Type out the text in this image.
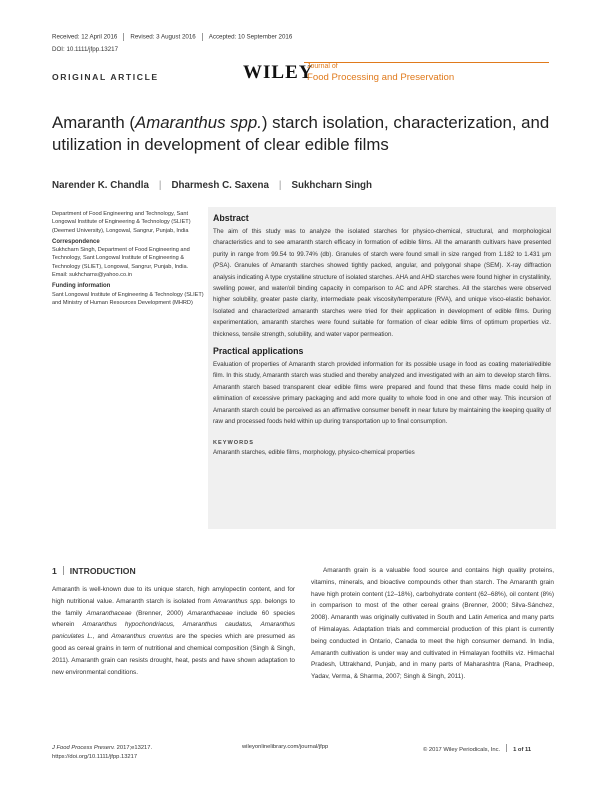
Received: 12 April 2016 Revised: 3 August 2016 Accepted: 10 September 2016
DOI: 10.1111/jfpp.13217
ORIGINAL ARTICLE	WILEY
Journal of
Food Processing and Preservation
Amaranth (Amaranthus spp.) starch isolation, characterization, and utilization in development of clear edible films
Narender K. Chandla | Dharmesh C. Saxena | Sukhcharn Singh

Department of Food Engineering and Technology, Sant Longowal Institute of Engineering & Technology (SLIET) (Deemed University), Longowal, Sangrur, Punjab, India

Correspondence

Sukhcharn Singh, Department of Food Engineering and Technology, Sant Longowal Institute of Engineering & Technology (SLIET), Longowal, Sangrur, Punjab, India.

Email: sukhcharns@yahoo.co.in

Funding information

Sant Longowal Institute of Engineering & Technology (SLIET) and Ministry of Human Resources Development (MHRD)

Abstract

The aim of this study was to analyze the isolated starches for physico-chemical, structural, and morphological characteristics and to see amaranth starch efficacy in formation of edible films. All the amaranth cultivars have presented purity in range from 99.54 to 99.74% (db). Granules of starch were found small in size ranged from 1.182 to 1.431 μm (PSA). Granules of Amaranth starches showed tightly packed, angular, and polygonal shape (SEM). X-ray diffraction analysis indicating A type crystalline structure of isolated starches. AHA and AHD starches were found higher in crystallinity, swelling power, and water/oil binding capacity in comparison to AC and APR starches. All the starches were observed higher solubility, greater paste clarity, intermediate peak viscosity/temperature (RVA), and unique visco-elastic behavior. Isolated and characterized amaranth starches were tried for their application in development of edible films. During experimentation, amaranth starches were found suitable for formation of clear edible films of optimum properties viz. thickness, tensile strength, solubility, and water vapor permeation.

Practical applications

Evaluation of properties of Amaranth starch provided information for its possible usage in food as coating material/edible film. In this study, Amaranth starch was studied and thereby analyzed and investigated with an aim to develop starch films. Amaranth starch based transparent clear edible films were prepared and found that these films made could help in elimination of excessive primary packaging and add more quality to whole food in one and other way. This incursion of Amaranth starch could be perceived as an affirmative consumer benefit in near future by maintaining the keeping quality of raw and processed foods held within up during transportation up to final consumption.

KEYWORDS
Amaranth starches, edible films, morphology, physico-chemical properties
1 INTRODUCTION

Amaranth is well-known due to its unique starch, high amylopectin content, and for high nutritional value. Amaranth starch is isolated from Amaranthus spp. belongs to the family Amaranthaceae (Brenner, 2000) Amaranthaceae include 60 species wherein Amaranthus hypochondriacus, Amaranthus caudatus, Amaranthus paniculates L., and Amaranthus cruentus are the species which are presumed as good as cereal grains in term of nutritional and chemical composition (Singh & Singh, 2011). Amaranth grain can resists drought, heat, pests and have shown adaptation to new environmental conditions.

Amaranth grain is a valuable food source and contains high quality proteins, vitamins, minerals, and bioactive compounds other than starch. The Amaranth grain have high protein content (12–18%), carbohydrate content (62–68%), oil content (8%) in comparison to most of the other cereal grains (Brenner, 2000; Silva-Sánchez, 2008). Amaranth was originally cultivated in South and Latin America and many parts of Himalayas. Adaptation trials and commercial production of this plant is currently being conducted in Ontario, Canada to meet the high consumer demand. In India, Amaranth cultivation is under way and cultivated in Himalayan foothills viz. Himachal Pradesh, Uttrakhand, Punjab, and in many parts of Maharashtra (Rana, Pradheep, Yadav, Verma, & Sharma, 2007; Singh & Singh, 2011).

J Food Process Preserv. 2017;e13217.
https://doi.org/10.1111/jfpp.13217
wileyonlinelibrary.com/journal/jfpp	© 2017 Wiley Periodicals, Inc. 1 of 11
